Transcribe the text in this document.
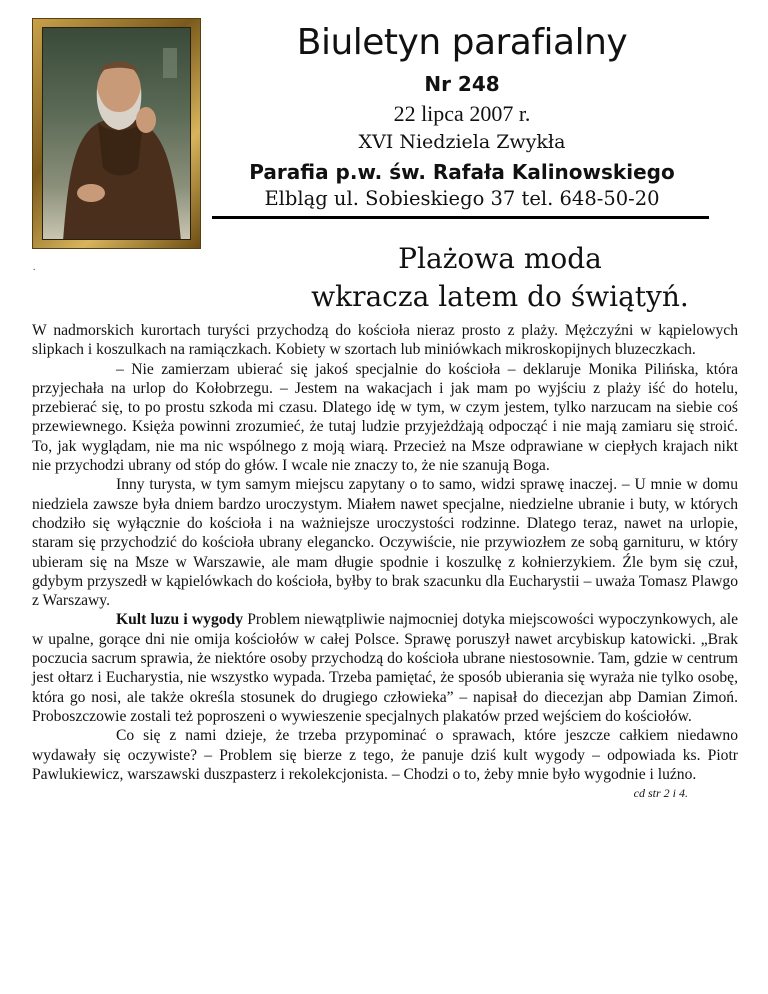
Biuletyn parafialny
Nr 248
22 lipca 2007 r.
XVI Niedziela Zwykła
Parafia p.w. św. Rafała Kalinowskiego
Elbląg ul. Sobieskiego 37 tel. 648-50-20
.	Plażowa moda
wkracza latem do świątyń.

W nadmorskich kurortach turyści przychodzą do kościoła nieraz prosto z plaży. Mężczyźni w kąpielowych slipkach i koszulkach na ramiączkach. Kobiety w szortach lub miniówkach mikroskopijnych bluzeczkach.

– Nie zamierzam ubierać się jakoś specjalnie do kościoła – deklaruje Monika Pilińska, która przyjechała na urlop do Kołobrzegu. – Jestem na wakacjach i jak mam po wyjściu z plaży iść do hotelu, przebierać się, to po prostu szkoda mi czasu. Dlatego idę w tym, w czym jestem, tylko narzucam na siebie coś przewiewnego. Księża powinni zrozumieć, że tutaj ludzie przyjeżdżają odpocząć i nie mają zamiaru się stroić. To, jak wyglądam, nie ma nic wspólnego z moją wiarą. Przecież na Msze odprawiane w ciepłych krajach nikt nie przychodzi ubrany od stóp do głów. I wcale nie znaczy to, że nie szanują Boga.

Inny turysta, w tym samym miejscu zapytany o to samo, widzi sprawę inaczej. – U mnie w domu niedziela zawsze była dniem bardzo uroczystym. Miałem nawet specjalne, niedzielne ubranie i buty, w których chodziło się wyłącznie do kościoła i na ważniejsze uroczystości rodzinne. Dlatego teraz, nawet na urlopie, staram się przychodzić do kościoła ubrany elegancko. Oczywiście, nie przywiozłem ze sobą garnituru, w który ubieram się na Msze w Warszawie, ale mam długie spodnie i koszulkę z kołnierzykiem. Źle bym się czuł, gdybym przyszedł w kąpielówkach do kościoła, byłby to brak szacunku dla Eucharystii – uważa Tomasz Plawgo z Warszawy.

Kult luzu i wygody Problem niewątpliwie najmocniej dotyka miejscowości wypoczynkowych, ale w upalne, gorące dni nie omija kościołów w całej Polsce. Sprawę poruszył nawet arcybiskup katowicki. „Brak poczucia sacrum sprawia, że niektóre osoby przychodzą do kościoła ubrane niestosownie. Tam, gdzie w centrum jest ołtarz i Eucharystia, nie wszystko wypada. Trzeba pamiętać, że sposób ubierania się wyraża nie tylko osobę, która go nosi, ale także określa stosunek do drugiego człowieka” – napisał do diecezjan abp Damian Zimoń. Proboszczowie zostali też poproszeni o wywieszenie specjalnych plakatów przed wejściem do kościołów.

Co się z nami dzieje, że trzeba przypominać o sprawach, które jeszcze całkiem niedawno wydawały się oczywiste? – Problem się bierze z tego, że panuje dziś kult wygody – odpowiada ks. Piotr Pawlukiewicz, warszawski duszpasterz i rekolekcjonista. – Chodzi o to, żeby mnie było wygodnie i luźno.
cd str 2 i 4.
